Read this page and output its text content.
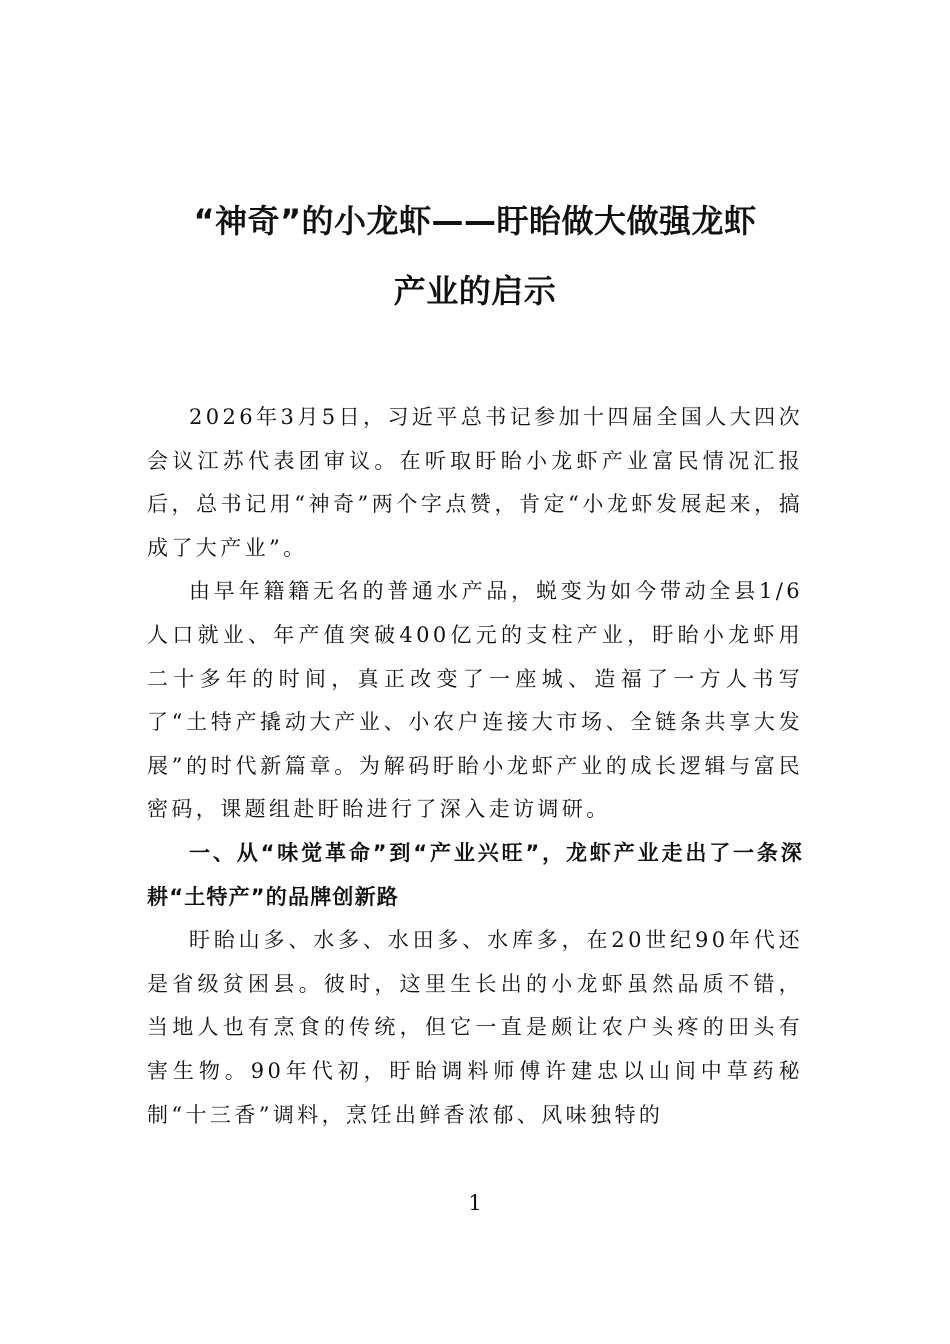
“神奇”的小龙虾——盱眙做大做强龙虾
产业的启示

2026年3月5日，习近平总书记参加十四届全国人大四次会议江苏代表团审议。在听取盱眙小龙虾产业富民情况汇报后，总书记用“神奇”两个字点赞，肯定“小龙虾发展起来，搞成了大产业”。

由早年籍籍无名的普通水产品，蜕变为如今带动全县1/6人口就业、年产值突破400亿元的支柱产业，盱眙小龙虾用二十多年的时间，真正改变了一座城、造福了一方人书写了“土特产撬动大产业、小农户连接大市场、全链条共享大发展”的时代新篇章。为解码盱眙小龙虾产业的成长逻辑与富民密码，课题组赴盱眙进行了深入走访调研。

一、从“味觉革命”到“产业兴旺”，龙虾产业走出了一条深耕“土特产”的品牌创新路

盱眙山多、水多、水田多、水库多，在20世纪90年代还是省级贫困县。彼时，这里生长出的小龙虾虽然品质不错，当地人也有烹食的传统，但它一直是颇让农户头疼的田头有害生物。90年代初，盱眙调料师傅许建忠以山间中草药秘制“十三香”调料，烹饪出鲜香浓郁、风味独特的

1
